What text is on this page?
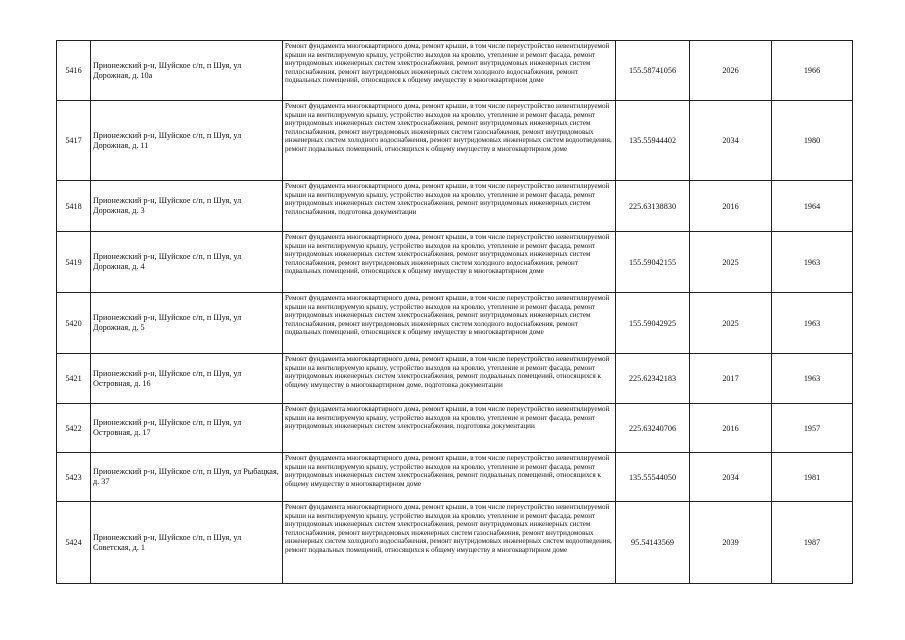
5416	Прионежский р-н, Шуйское с/п, п Шуя, ул Дорожная, д. 10а	Ремонт фундамента многоквартирного дома, ремонт крыши, в том числе переустройство невентилируемой крыши на вентилируемую крышу, устройство выходов на кровлю, утепление и ремонт фасада, ремонт внутридомовых инженерных систем электроснабжения, ремонт внутридомовых инженерных систем теплоснабжения, ремонт внутридомовых инженерных систем холодного водоснабжения, ремонт подвальных помещений, относящихся к общему имуществу в многоквартирном доме	155.58741056	2026	1966
5417	Прионежский р-н, Шуйское с/п, п Шуя, ул Дорожная, д. 11	Ремонт фундамента многоквартирного дома, ремонт крыши, в том числе переустройство невентилируемой крыши на вентилируемую крышу, устройство выходов на кровлю, утепление и ремонт фасада, ремонт внутридомовых инженерных систем электроснабжения, ремонт внутридомовых инженерных систем теплоснабжения, ремонт внутридомовых инженерных систем газоснабжения, ремонт внутридомовых инженерных систем холодного водоснабжения, ремонт внутридомовых инженерных систем водоотведения, ремонт подвальных помещений, относящихся к общему имуществу в многоквартирном доме	135.55944402	2034	1980
5418	Прионежский р-н, Шуйское с/п, п Шуя, ул Дорожная, д. 3	Ремонт фундамента многоквартирного дома, ремонт крыши, в том числе переустройство невентилируемой крыши на вентилируемую крышу, устройство выходов на кровлю, утепление и ремонт фасада, ремонт внутридомовых инженерных систем электроснабжения, ремонт внутридомовых инженерных систем теплоснабжения, подготовка документации	225.63138830	2016	1964
5419	Прионежский р-н, Шуйское с/п, п Шуя, ул Дорожная, д. 4	Ремонт фундамента многоквартирного дома, ремонт крыши, в том числе переустройство невентилируемой крыши на вентилируемую крышу, устройство выходов на кровлю, утепление и ремонт фасада, ремонт внутридомовых инженерных систем электроснабжения, ремонт внутридомовых инженерных систем теплоснабжения, ремонт внутридомовых инженерных систем холодного водоснабжения, ремонт подвальных помещений, относящихся к общему имуществу в многоквартирном доме	155.59042155	2025	1963
5420	Прионежский р-н, Шуйское с/п, п Шуя, ул Дорожная, д. 5	Ремонт фундамента многоквартирного дома, ремонт крыши, в том числе переустройство невентилируемой крыши на вентилируемую крышу, устройство выходов на кровлю, утепление и ремонт фасада, ремонт внутридомовых инженерных систем электроснабжения, ремонт внутридомовых инженерных систем теплоснабжения, ремонт внутридомовых инженерных систем холодного водоснабжения, ремонт подвальных помещений, относящихся к общему имуществу в многоквартирном доме	155.59042925	2025	1963
5421	Прионежский р-н, Шуйское с/п, п Шуя, ул Островная, д. 16	Ремонт фундамента многоквартирного дома, ремонт крыши, в том числе переустройство невентилируемой крыши на вентилируемую крышу, устройство выходов на кровлю, утепление и ремонт фасада, ремонт внутридомовых инженерных систем электроснабжения, ремонт подвальных помещений, относящихся к общему имуществу в многоквартирном доме, подготовка документации	225.62342183	2017	1963
5422	Прионежский р-н, Шуйское с/п, п Шуя, ул Островная, д. 17	Ремонт фундамента многоквартирного дома, ремонт крыши, в том числе переустройство невентилируемой крыши на вентилируемую крышу, устройство выходов на кровлю, утепление и ремонт фасада, ремонт внутридомовых инженерных систем электроснабжения, подготовка документации	225.63240706	2016	1957
5423	Прионежский р-н, Шуйское с/п, п Шуя, ул Рыбацкая, д. 37	Ремонт фундамента многоквартирного дома, ремонт крыши, в том числе переустройство невентилируемой крыши на вентилируемую крышу, устройство выходов на кровлю, утепление и ремонт фасада, ремонт внутридомовых инженерных систем электроснабжения, ремонт подвальных помещений, относящихся к общему имуществу в многоквартирном доме	135.55544050	2034	1981
5424	Прионежский р-н, Шуйское с/п, п Шуя, ул Советская, д. 1	Ремонт фундамента многоквартирного дома, ремонт крыши, в том числе переустройство невентилируемой крыши на вентилируемую крышу, устройство выходов на кровлю, утепление и ремонт фасада, ремонт внутридомовых инженерных систем электроснабжения, ремонт внутридомовых инженерных систем теплоснабжения, ремонт внутридомовых инженерных систем газоснабжения, ремонт внутридомовых инженерных систем холодного водоснабжения, ремонт внутридомовых инженерных систем водоотведения, ремонт подвальных помещений, относящихся к общему имуществу в многоквартирном доме	95.54143569	2039	1987
